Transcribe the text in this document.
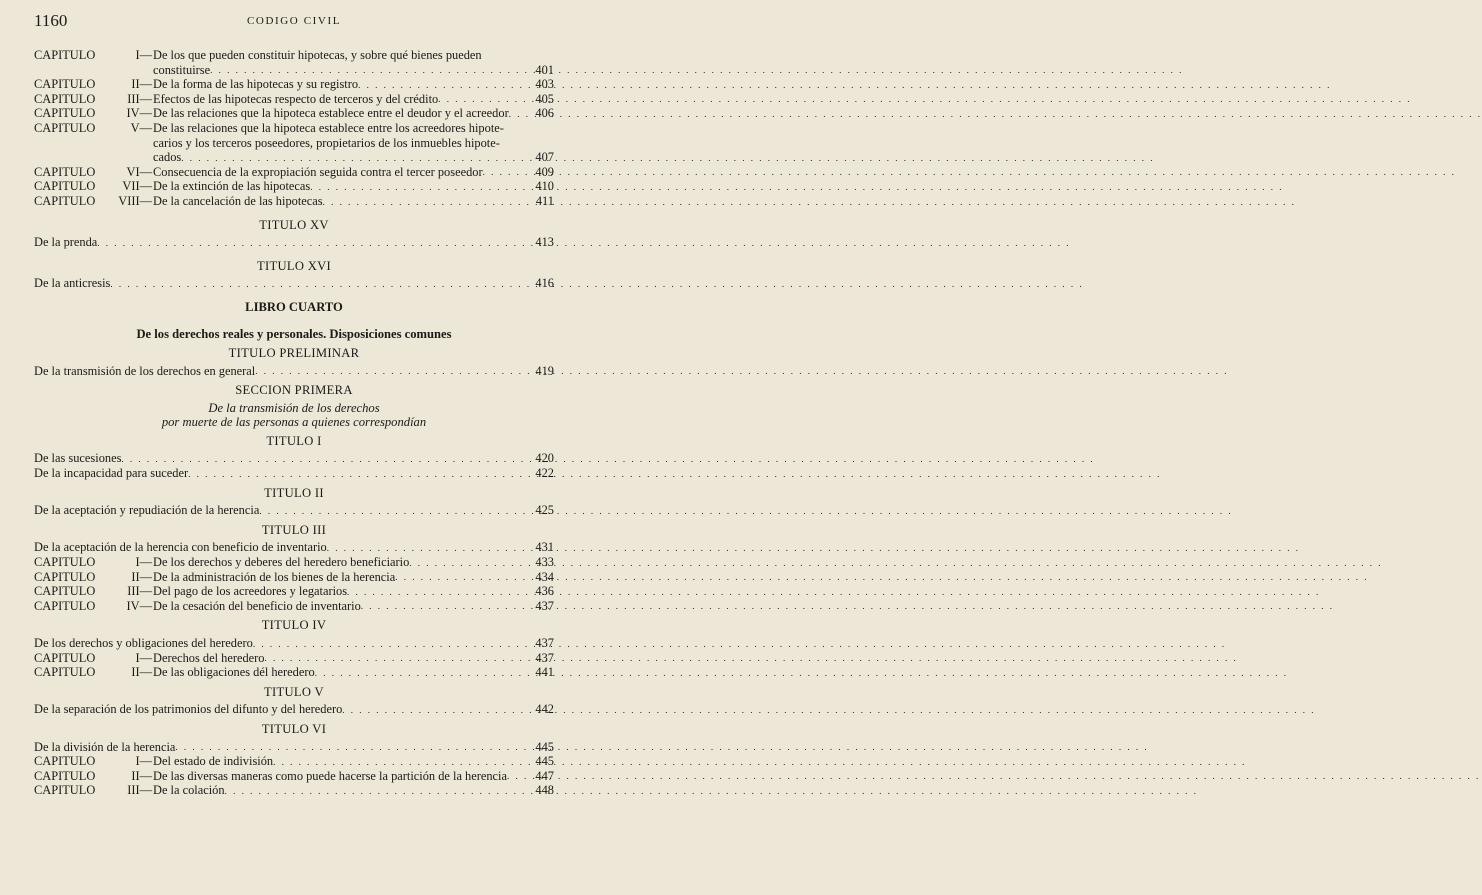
1160	CODIGO CIVIL
CAPITULO	I— De los que pueden constituir hipotecas, y sobre qué bienes pueden
constituirse . . .	401
CAPITULO	II— De la forma de las hipotecas y su registro . . .	403
CAPITULO	III— Efectos de las hipotecas respecto de terceros y del crédito . . .	405
CAPITULO	IV— De las relaciones que la hipoteca establece entre el deudor y el acreedor . . . 406
CAPITULO	V— De las relaciones que la hipoteca establece entre los acreedores hipote-
carios y los terceros poseedores, propietarios de los inmuebles hipote-
cados . . .	407
CAPITULO	VI— Consecuencia de la expropiación seguida contra el tercer poseedor . . .	409
CAPITULO	VII— De la extinción de las hipotecas . . .	410
CAPITULO	VIII— De la cancelación de las hipotecas . . .	411
TITULO XV
De la prenda . . .	413
TITULO XVI
De la anticresis . . .	416
LIBRO CUARTO
De los derechos reales y personales. Disposiciones comunes
TITULO PRELIMINAR
De la transmisión de los derechos en general . . .	419
SECCION PRIMERA
De la transmisión de los derechos
por muerte de las personas a quienes correspondían
TITULO I
De las sucesiones . . .	420
De la incapacidad para suceder . . .	422
TITULO II
De la aceptación y repudiación de la herencia . . .	425
TITULO III
De la aceptación de la herencia con beneficio de inventario . . .	431
CAPITULO	I— De los derechos y deberes del heredero beneficiario . . .	433
CAPITULO	II— De la administración de los bienes de la herencia . . .	434
CAPITULO	III— Del pago de los acreedores y legatarios . . .	436
CAPITULO	IV— De la cesación del beneficio de inventario . . .	437
TITULO IV
De los derechos y obligaciones del heredero . . .	437
CAPITULO	I— Derechos del heredero . . .	437
CAPITULO	II— De las obligaciones dél heredero . . .	441
TITULO V
De la separación de los patrimonios del difunto y del heredero . . .	442
TITULO VI
De la división de la herencia . . .	445
CAPITULO	I— Del estado de indivisión . . .	445
CAPITULO	II— De las diversas maneras como puede hacerse la partición de la herencia . . . 447
CAPITULO	III— De la colación . . .	448
